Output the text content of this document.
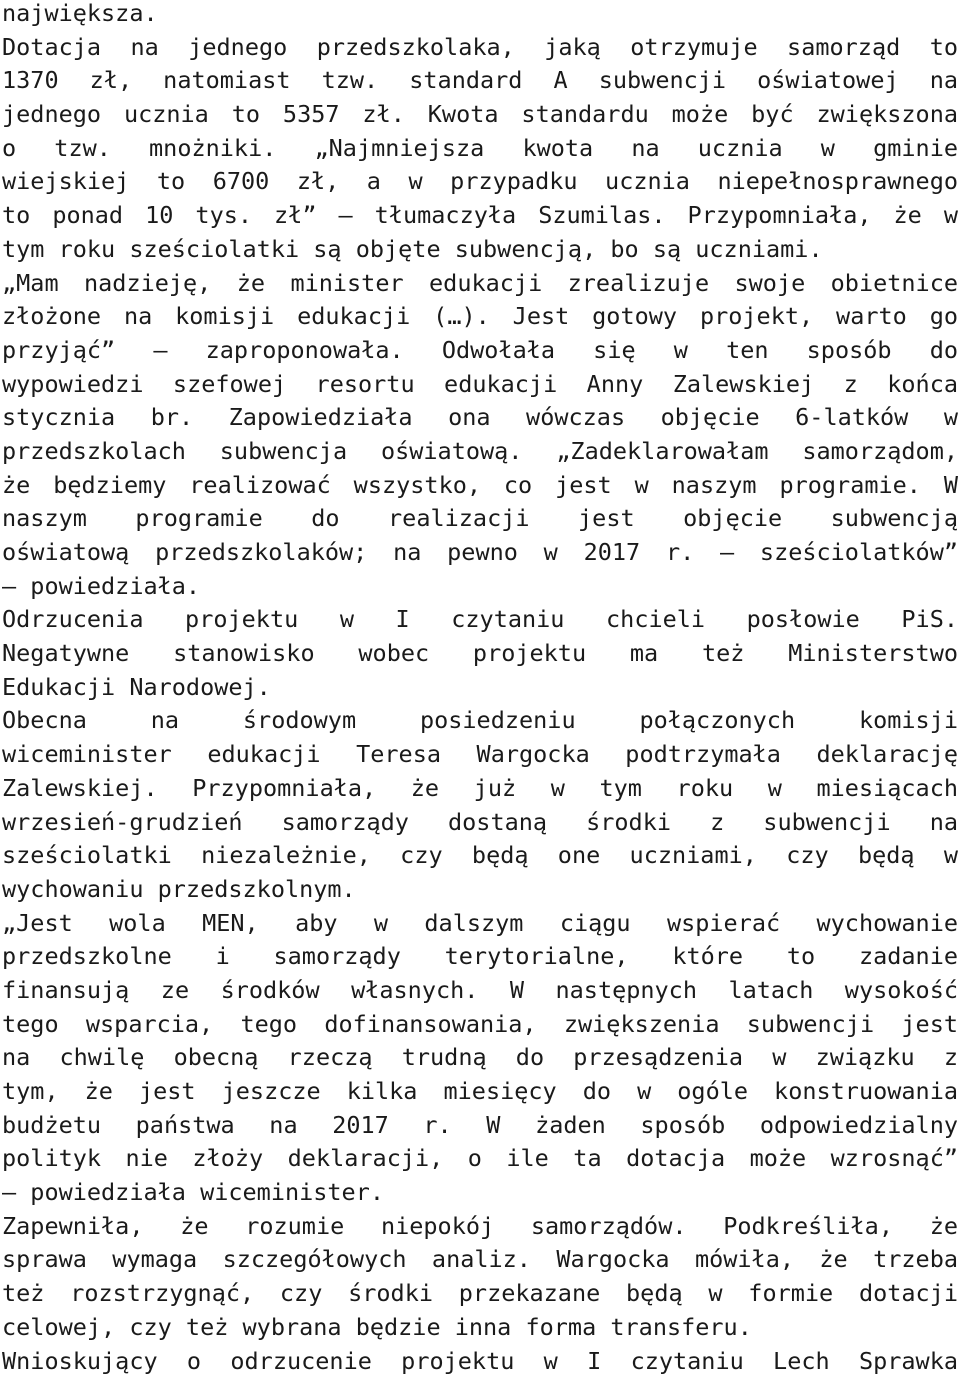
największa.
Dotacja na jednego przedszkolaka, jaką otrzymuje samorząd to
1370 zł, natomiast tzw. standard A subwencji oświatowej na
jednego ucznia to 5357 zł. Kwota standardu może być zwiększona
o tzw. mnożniki. „Najmniejsza kwota na ucznia w gminie
wiejskiej to 6700 zł, a w przypadku ucznia niepełnosprawnego
to ponad 10 tys. zł” – tłumaczyła Szumilas. Przypomniała, że w
tym roku sześciolatki są objęte subwencją, bo są uczniami.
„Mam nadzieję, że minister edukacji zrealizuje swoje obietnice
złożone na komisji edukacji (…). Jest gotowy projekt, warto go
przyjąć” – zaproponowała. Odwołała się w ten sposób do
wypowiedzi szefowej resortu edukacji Anny Zalewskiej z końca
stycznia br. Zapowiedziała ona wówczas objęcie 6-latków w
przedszkolach subwencja oświatową. „Zadeklarowałam samorządom,
że będziemy realizować wszystko, co jest w naszym programie. W
naszym programie do realizacji jest objęcie subwencją
oświatową przedszkolaków; na pewno w 2017 r. – sześciolatków”
– powiedziała.
Odrzucenia projektu w I czytaniu chcieli posłowie PiS.
Negatywne stanowisko wobec projektu ma też Ministerstwo
Edukacji Narodowej.
Obecna na środowym posiedzeniu połączonych komisji
wiceminister edukacji Teresa Wargocka podtrzymała deklarację
Zalewskiej. Przypomniała, że już w tym roku w miesiącach
wrzesień-grudzień samorządy dostaną środki z subwencji na
sześciolatki niezależnie, czy będą one uczniami, czy będą w
wychowaniu przedszkolnym.
„Jest wola MEN, aby w dalszym ciągu wspierać wychowanie
przedszkolne i samorządy terytorialne, które to zadanie
finansują ze środków własnych. W następnych latach wysokość
tego wsparcia, tego dofinansowania, zwiększenia subwencji jest
na chwilę obecną rzeczą trudną do przesądzenia w związku z
tym, że jest jeszcze kilka miesięcy do w ogóle konstruowania
budżetu państwa na 2017 r. W żaden sposób odpowiedzialny
polityk nie złoży deklaracji, o ile ta dotacja może wzrosnąć”
– powiedziała wiceminister.
Zapewniła, że rozumie niepokój samorządów. Podkreśliła, że
sprawa wymaga szczegółowych analiz. Wargocka mówiła, że trzeba
też rozstrzygnąć, czy środki przekazane będą w formie dotacji
celowej, czy też wybrana będzie inna forma transferu.
Wnioskujący o odrzucenie projektu w I czytaniu Lech Sprawka
